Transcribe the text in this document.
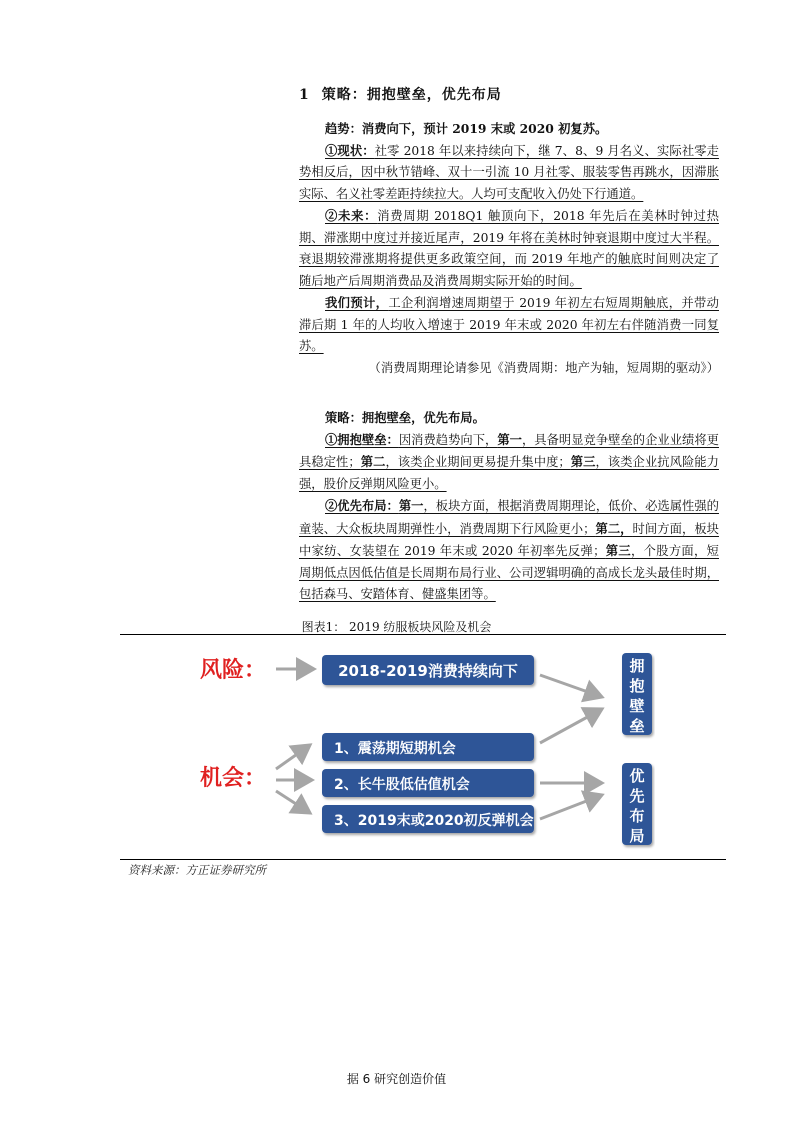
1 策略：拥抱壁垒，优先布局

趋势：消费向下，预计 2019 末或 2020 初复苏。

①现状：社零 2018 年以来持续向下，继 7、8、9 月名义、实际社零走势相反后，因中秋节错峰、双十一引流 10 月社零、服装零售再跳水，因滞胀实际、名义社零差距持续拉大。人均可支配收入仍处下行通道。

②未来：消费周期 2018Q1 触顶向下，2018 年先后在美林时钟过热期、滞涨期中度过并接近尾声，2019 年将在美林时钟衰退期中度过大半程。衰退期较滞涨期将提供更多政策空间，而 2019 年地产的触底时间则决定了随后地产后周期消费品及消费周期实际开始的时间。

我们预计，工企利润增速周期望于 2019 年初左右短周期触底，并带动滞后期 1 年的人均收入增速于 2019 年末或 2020 年初左右伴随消费一同复苏。

（消费周期理论请参见《消费周期：地产为轴，短周期的驱动》）

策略：拥抱壁垒，优先布局。

①拥抱壁垒：因消费趋势向下，第一，具备明显竞争壁垒的企业业绩将更具稳定性；第二，该类企业期间更易提升集中度；第三，该类企业抗风险能力强，股价反弹期风险更小。

②优先布局：第一，板块方面，根据消费周期理论，低价、必选属性强的童装、大众板块周期弹性小，消费周期下行风险更小；第二，时间方面，板块中家纺、女装望在 2019 年末或 2020 年初率先反弹；第三，个股方面，短周期低点因低估值是长周期布局行业、公司逻辑明确的高成长龙头最佳时期，包括森马、安踏体育、健盛集团等。

图表1： 2019 纺服板块风险及机会
风险：
机会：
2018-2019消费持续向下
1、震荡期短期机会
2、长牛股低估值机会
3、2019末或2020初反弹机会
拥
抱
壁
垒
优
先
布
局
资料来源：方正证券研究所
据 6 研究创造价值
